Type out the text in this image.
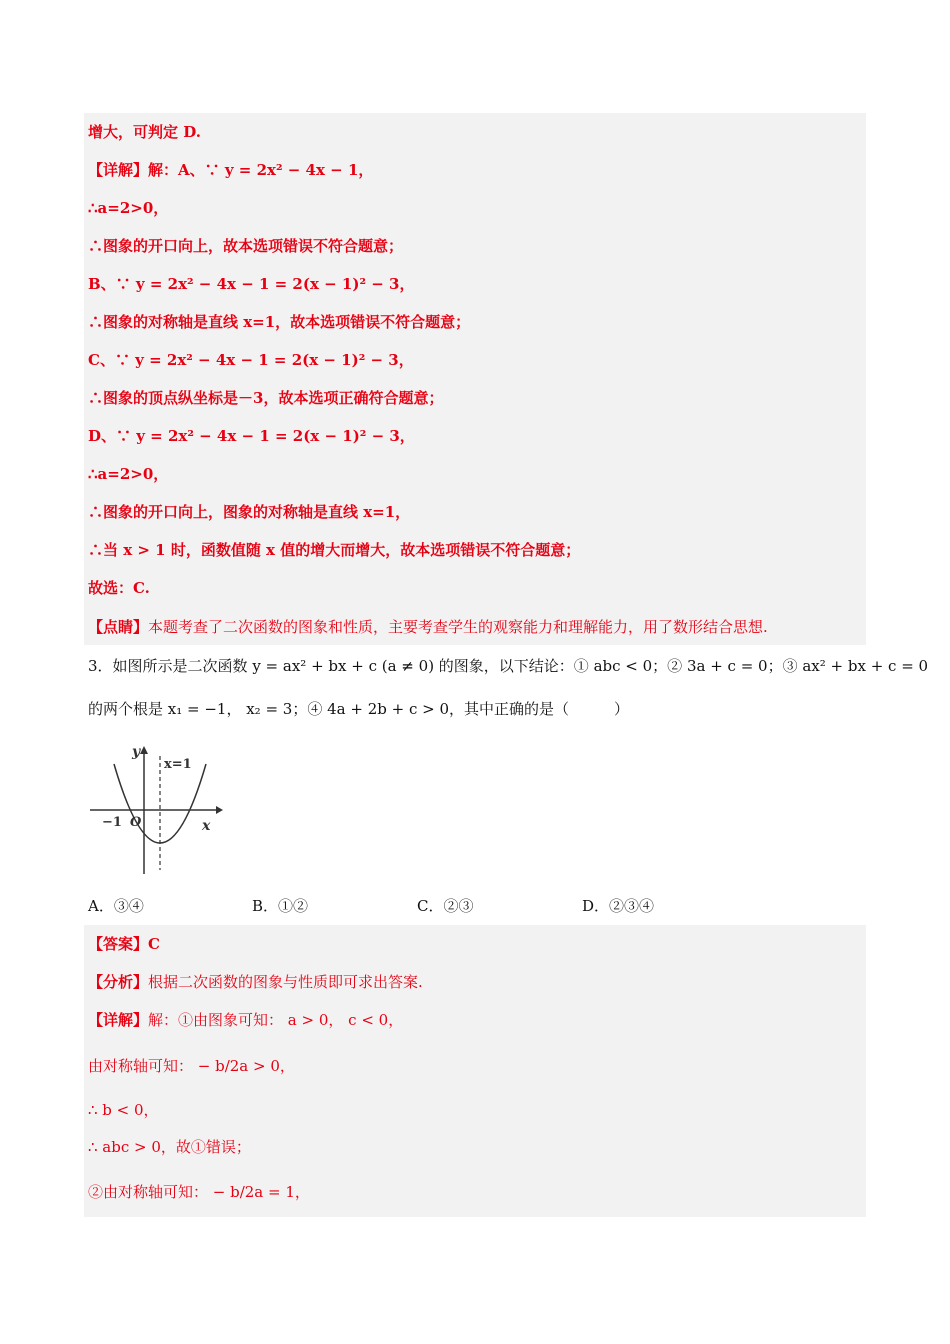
增大，可判定 D.
【详解】解：A、∵ y = 2x² − 4x − 1，
∴a=2>0，
∴图象的开口向上，故本选项错误不符合题意；
B、∵ y = 2x² − 4x − 1 = 2(x − 1)² − 3，
∴图象的对称轴是直线 x=1，故本选项错误不符合题意；
C、∵ y = 2x² − 4x − 1 = 2(x − 1)² − 3，
∴图象的顶点纵坐标是－3，故本选项正确符合题意；
D、∵ y = 2x² − 4x − 1 = 2(x − 1)² − 3，
∴a=2>0，
∴图象的开口向上，图象的对称轴是直线 x=1，
∴当 x > 1 时，函数值随 x 值的增大而增大，故本选项错误不符合题意；
故选：C.
【点睛】本题考查了二次函数的图象和性质，主要考查学生的观察能力和理解能力，用了数形结合思想.
3．如图所示是二次函数 y = ax² + bx + c (a ≠ 0) 的图象，以下结论：① abc < 0；② 3a + c = 0；③ ax² + bx + c = 0
的两个根是 x₁ = −1， x₂ = 3；④ 4a + 2b + c > 0，其中正确的是（　　　）
y
x
x=1
O
−1
A．③④	B．①②	C．②③	D．②③④
【答案】C
【分析】根据二次函数的图象与性质即可求出答案.
【详解】解：①由图象可知： a > 0， c < 0，
由对称轴可知： − b/2a > 0，
∴ b < 0，
∴ abc > 0，故①错误；
②由对称轴可知： − b/2a = 1，
